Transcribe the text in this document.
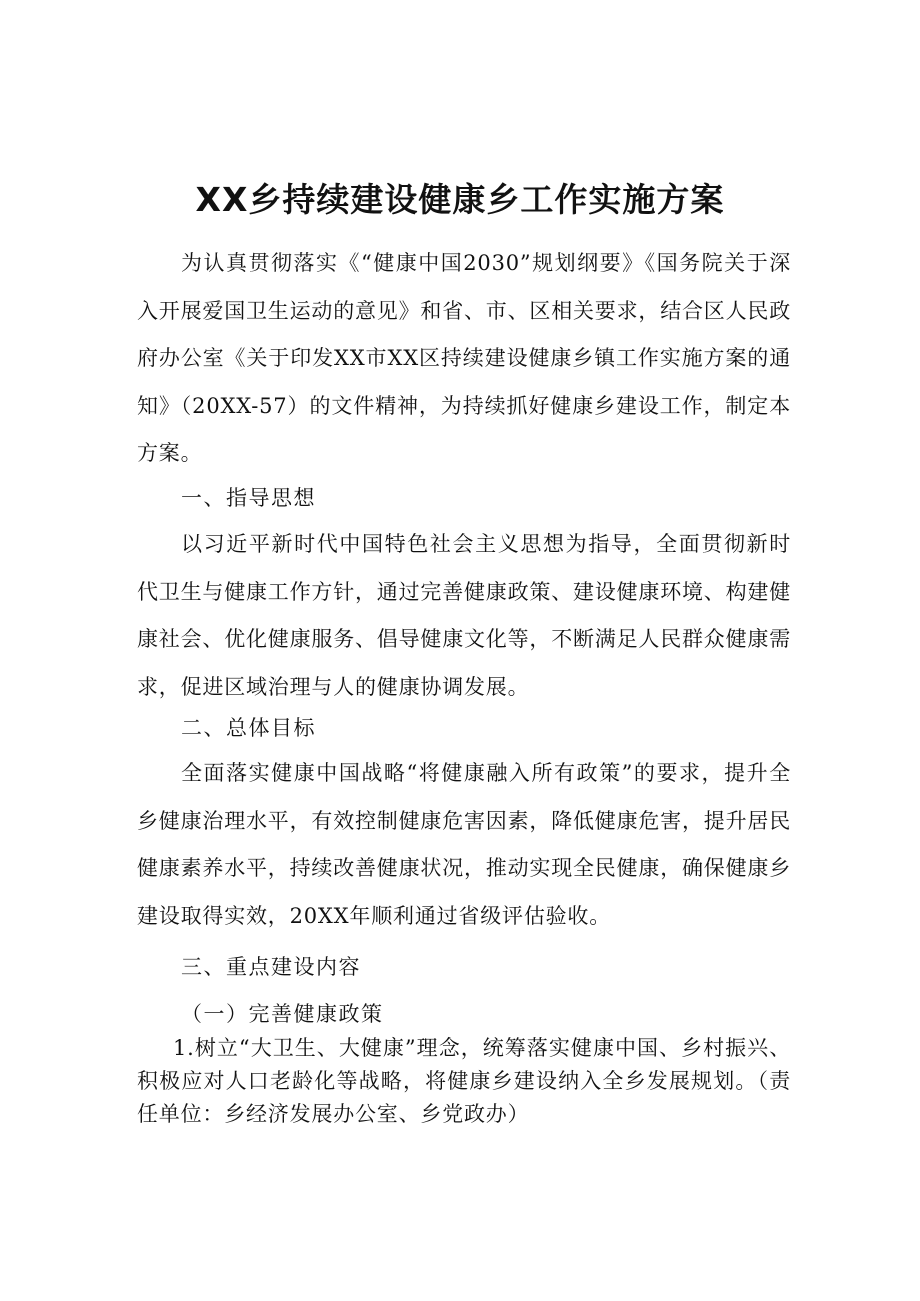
XX乡持续建设健康乡工作实施方案

为认真贯彻落实《“健康中国2030”规划纲要》《国务院关于深入开展爱国卫生运动的意见》和省、市、区相关要求，结合区人民政府办公室《关于印发XX市XX区持续建设健康乡镇工作实施方案的通知》（20XX-57）的文件精神，为持续抓好健康乡建设工作，制定本方案。

一、指导思想

以习近平新时代中国特色社会主义思想为指导，全面贯彻新时代卫生与健康工作方针，通过完善健康政策、建设健康环境、构建健康社会、优化健康服务、倡导健康文化等，不断满足人民群众健康需求，促进区域治理与人的健康协调发展。

二、总体目标

全面落实健康中国战略“将健康融入所有政策”的要求，提升全乡健康治理水平，有效控制健康危害因素，降低健康危害，提升居民健康素养水平，持续改善健康状况，推动实现全民健康，确保健康乡建设取得实效，20XX年顺利通过省级评估验收。

三、重点建设内容
（一）完善健康政策

1.树立“大卫生、大健康”理念，统筹落实健康中国、乡村振兴、积极应对人口老龄化等战略，将健康乡建设纳入全乡发展规划。（责任单位：乡经济发展办公室、乡党政办）
